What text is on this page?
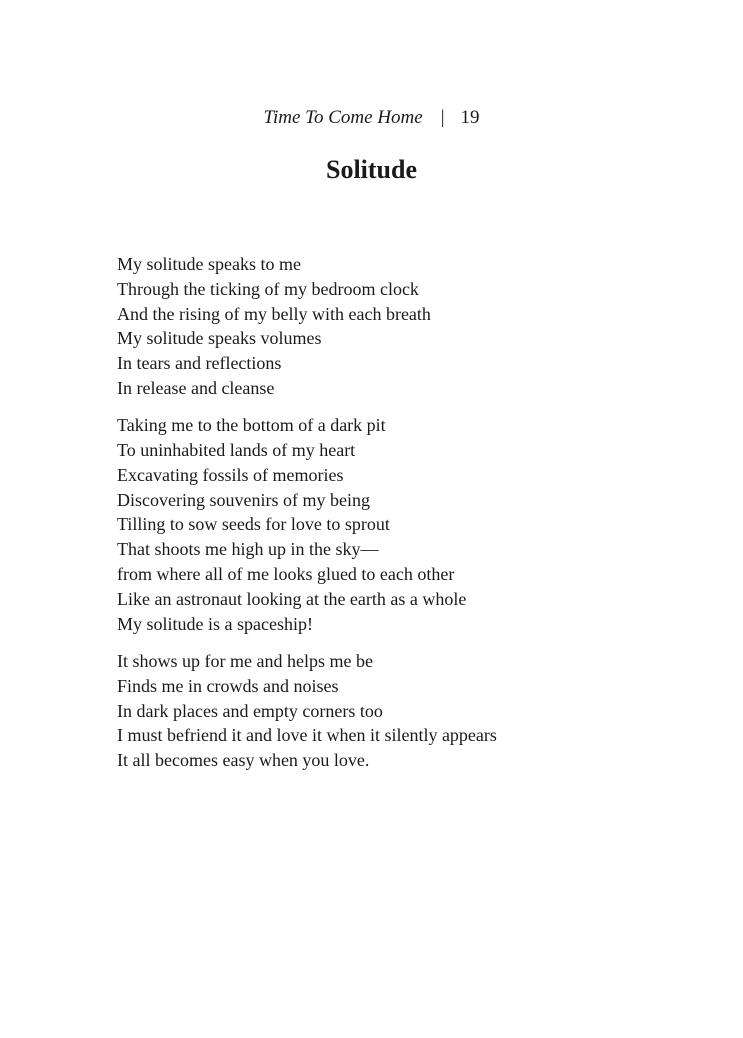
Time To Come Home | 19
Solitude
My solitude speaks to me
Through the ticking of my bedroom clock
And the rising of my belly with each breath
My solitude speaks volumes
In tears and reflections
In release and cleanse
Taking me to the bottom of a dark pit
To uninhabited lands of my heart
Excavating fossils of memories
Discovering souvenirs of my being
Tilling to sow seeds for love to sprout
That shoots me high up in the sky—
from where all of me looks glued to each other
Like an astronaut looking at the earth as a whole
My solitude is a spaceship!
It shows up for me and helps me be
Finds me in crowds and noises
In dark places and empty corners too
I must befriend it and love it when it silently appears
It all becomes easy when you love.
